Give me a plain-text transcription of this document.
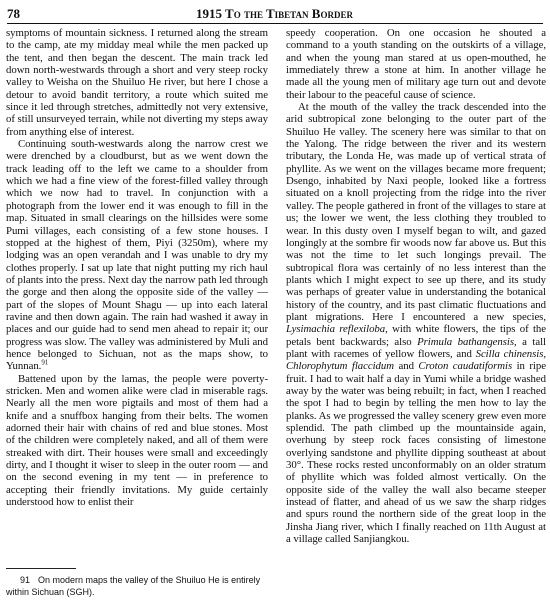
78	1915 To the Tibetan Border

symptoms of mountain sickness. I returned along the stream to the camp, ate my midday meal while the men packed up the tent, and then began the descent. The main track led down north-westwards through a short and very steep rocky valley to Weisha on the Shuiluo He river, but here I chose a detour to avoid bandit territory, a route which suited me since it led through stretches, admittedly not very extensive, of still unsurveyed terrain, while not diverting my steps away from anything else of interest.

Continuing south-westwards along the narrow crest we were drenched by a cloudburst, but as we went down the track leading off to the left we came to a shoulder from which we had a fine view of the forest-filled valley through which we now had to travel. In conjunction with a photograph from the lower end it was enough to fill in the map. Situated in small clearings on the hillsides were some Pumi villages, each consisting of a few stone houses. I stopped at the highest of them, Piyi (3250m), where my lodging was an open verandah and I was unable to dry my clothes properly. I sat up late that night putting my rich haul of plants into the press. Next day the narrow path led through the gorge and then along the opposite side of the valley — part of the slopes of Mount Shagu — up into each lateral ravine and then down again. The rain had washed it away in places and our guide had to send men ahead to repair it; our progress was slow. The valley was administered by Muli and hence belonged to Sichuan, not as the maps show, to Yunnan.$^{91}$

Battened upon by the lamas, the people were poverty-stricken. Men and women alike were clad in miserable rags. Nearly all the men wore pigtails and most of them had a knife and a snuffbox hanging from their belts. The women adorned their hair with chains of red and blue stones. Most of the children were completely naked, and all of them were streaked with dirt. Their houses were small and exceedingly dirty, and I thought it wiser to sleep in the outer room — and on the second evening in my tent — in preference to accepting their friendly invitations. My guide certainly understood how to enlist their

speedy cooperation. On one occasion he shouted a command to a youth standing on the outskirts of a village, and when the young man stared at us open-mouthed, he immediately threw a stone at him. In another village he made all the young men of military age turn out and devote their labour to the peaceful cause of science.

At the mouth of the valley the track descended into the arid subtropical zone belonging to the outer part of the Shuiluo He valley. The scenery here was similar to that on the Yalong. The ridge between the river and its western tributary, the Londa He, was made up of vertical strata of phyllite. As we went on the villages became more frequent; Dsengo, inhabited by Naxi people, looked like a fortress situated on a knoll projecting from the ridge into the river valley. The people gathered in front of the villages to stare at us; the lower we went, the less clothing they troubled to wear. In this dusty oven I myself began to wilt, and gazed longingly at the sombre fir woods now far above us. But this was not the time to let such longings prevail. The subtropical flora was certainly of no less interest than the plants which I might expect to see up there, and its study was perhaps of greater value in understanding the botanical history of the country, and its past climatic fluctuations and plant migrations. Here I encountered a new species, Lysimachia reflexiloba, with white flowers, the tips of the petals bent backwards; also Primula bathangensis, a tall plant with racemes of yellow flowers, and Scilla chinensis, Chlorophytum flaccidum and Croton caudatiformis in ripe fruit. I had to wait half a day in Yumi while a bridge washed away by the water was being rebuilt; in fact, when I reached the spot I had to begin by telling the men how to lay the planks. As we progressed the valley scenery grew even more splendid. The path climbed up the mountainside again, overhung by steep rock faces consisting of limestone overlying sandstone and phyllite dipping southeast at about 30°. These rocks rested unconformably on an older stratum of phyllite which was folded almost vertically. On the opposite side of the valley the wall also became steeper instead of flatter, and ahead of us we saw the sharp ridges and spurs round the northern side of the great loop in the Jinsha Jiang river, which I finally reached on 11th August at a village called Sanjiangkou.

91 On modern maps the valley of the Shuiluo He is entirely within Sichuan (SGH).
